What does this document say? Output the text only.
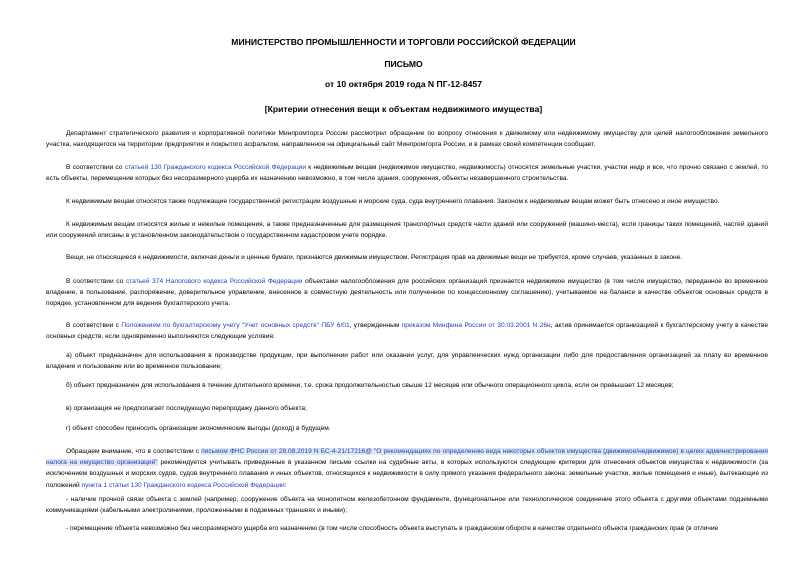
МИНИСТЕРСТВО ПРОМЫШЛЕННОСТИ И ТОРГОВЛИ РОССИЙСКОЙ ФЕДЕРАЦИИ
ПИСЬМО
от 10 октября 2019 года N ПГ-12-8457
[Критерии отнесения вещи к объектам недвижимого имущества]
Департамент стратегического развития и корпоративной политики Минпромторга России рассмотрел обращение по вопросу отнесения к движимому или недвижимому имуществу для целей налогообложения земельного участка, находящегося на территории предприятия и покрытого асфальтом, направленное на официальный сайт Минпромторга России, и в рамках своей компетенции сообщает.
В соответствии со статьей 130 Гражданского кодекса Российской Федерации к недвижимым вещам (недвижимое имущество, недвижимость) относятся земельные участки, участки недр и все, что прочно связано с землей, то есть объекты, перемещение которых без несоразмерного ущерба их назначению невозможно, в том числе здания, сооружения, объекты незавершенного строительства.
К недвижимым вещам относятся также подлежащие государственной регистрации воздушные и морские суда, суда внутреннего плавания. Законом к недвижимым вещам может быть отнесено и иное имущество.
К недвижимым вещам относятся жилые и нежилые помещения, а также предназначенные для размещения транспортных средств части зданий или сооружений (машино-места), если границы таких помещений, частей зданий или сооружений описаны в установленном законодательством о государственном кадастровом учете порядке.
Вещи, не относящиеся к недвижимости, включая деньги и ценные бумаги, признаются движимым имуществом. Регистрация прав на движимые вещи не требуется, кроме случаев, указанных в законе.
В соответствии со статьей 374 Налогового кодекса Российской Федерации объектами налогообложения для российских организаций признается недвижимое имущество (в том числе имущество, переданное во временное владение, в пользование, распоряжение, доверительное управление, внесенное в совместную деятельность или полученное по концессионному соглашению), учитываемое на балансе в качестве объектов основных средств в порядке, установленном для ведения бухгалтерского учета.
В соответствии с Положением по бухгалтерскому учету "Учет основных средств" ПБУ 6/01, утвержденным приказом Минфина России от 30.03.2001 N 26н, актив принимается организацией к бухгалтерскому учету в качестве основных средств, если одновременно выполняются следующие условия:
а) объект предназначен для использования в производстве продукции, при выполнении работ или оказании услуг, для управленческих нужд организации либо для предоставления организацией за плату во временное владение и пользование или во временное пользование;
б) объект предназначен для использования в течение длительного времени, т.е. срока продолжительностью свыше 12 месяцев или обычного операционного цикла, если он превышает 12 месяцев;
в) организация не предполагает последующую перепродажу данного объекта;
г) объект способен приносить организации экономические выгоды (доход) в будущем.
Обращаем внимание, что в соответствии с письмом ФНС России от 28.08.2019 N БС-4-21/17216@ "О рекомендациях по определению вида некоторых объектов имущества (движимое/недвижимое) в целях администрирования налога на имущество организаций" рекомендуется учитывать приведенные в указанном письме ссылки на судебные акты, в которых используются следующие критерии для отнесения объектов имущества к недвижимости (за исключением воздушных и морских судов, судов внутреннего плавания и иных объектов, относящихся к недвижимости в силу прямого указания федерального закона: земельные участки, жилые помещения и иные), вытекающие из положений пункта 1 статьи 130 Гражданского кодекса Российской Федерации:
- наличие прочной связи объекта с землей (например, сооружение объекта на монолитном железобетонном фундаменте, функциональное или технологическое соединение этого объекта с другими объектами подземными коммуникациями (кабельными электролиниями, проложенными в подземных траншеях и иными);
- перемещение объекта невозможно без несоразмерного ущерба его назначению (в том числе способность объекта выступать в гражданском обороте в качестве отдельного объекта гражданских прав (в отличие
